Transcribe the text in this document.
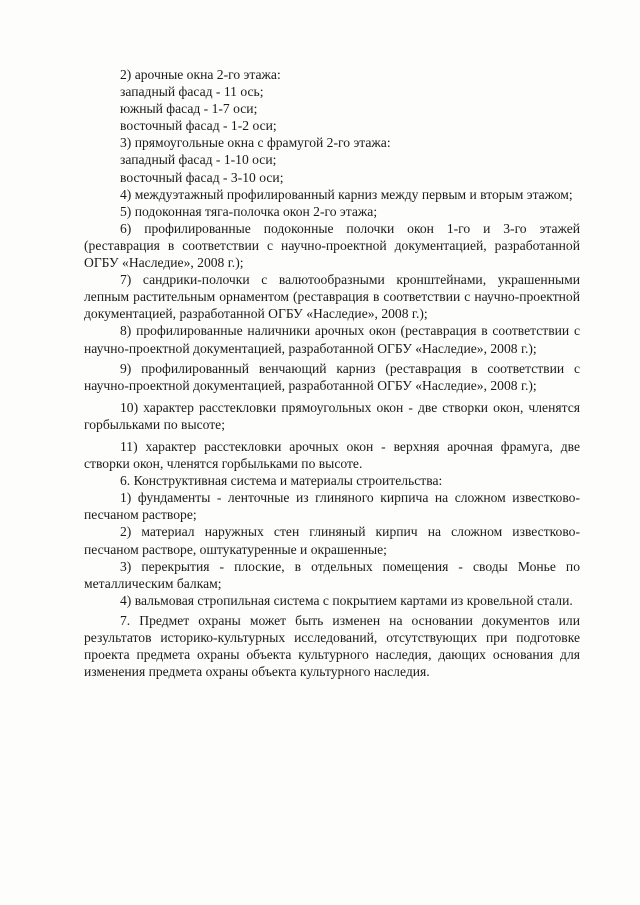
2) арочные окна 2-го этажа:

западный фасад - 11 ось;

южный фасад - 1-7 оси;

восточный фасад - 1-2 оси;

3) прямоугольные окна с фрамугой 2-го этажа:

западный фасад - 1-10 оси;

восточный фасад - 3-10 оси;

4) междуэтажный профилированный карниз между первым и вторым этажом;

5) подоконная тяга-полочка окон 2-го этажа;

6) профилированные подоконные полочки окон 1-го и 3-го этажей (реставрация в соответствии с научно-проектной документацией, разработанной ОГБУ «Наследие», 2008 г.);

7) сандрики-полочки с валютообразными кронштейнами, украшенными лепным растительным орнаментом (реставрация в соответствии с научно-проектной документацией, разработанной ОГБУ «Наследие», 2008 г.);

8) профилированные наличники арочных окон (реставрация в соответствии с научно-проектной документацией, разработанной ОГБУ «Наследие», 2008 г.);

9) профилированный венчающий карниз (реставрация в соответствии с научно-проектной документацией, разработанной ОГБУ «Наследие», 2008 г.);

10) характер расстекловки прямоугольных окон - две створки окон, членятся горбыльками по высоте;

11) характер расстекловки арочных окон - верхняя арочная фрамуга, две створки окон, членятся горбыльками по высоте.

6. Конструктивная система и материалы строительства:

1) фундаменты - ленточные из глиняного кирпича на сложном известково-песчаном растворе;

2) материал наружных стен глиняный кирпич на сложном известково-песчаном растворе, оштукатуренные и окрашенные;

3) перекрытия - плоские, в отдельных помещения - своды Монье по металлическим балкам;

4) вальмовая стропильная система с покрытием картами из кровельной стали.

7. Предмет охраны может быть изменен на основании документов или результатов историко-культурных исследований, отсутствующих при подготовке проекта предмета охраны объекта культурного наследия, дающих основания для изменения предмета охраны объекта культурного наследия.
